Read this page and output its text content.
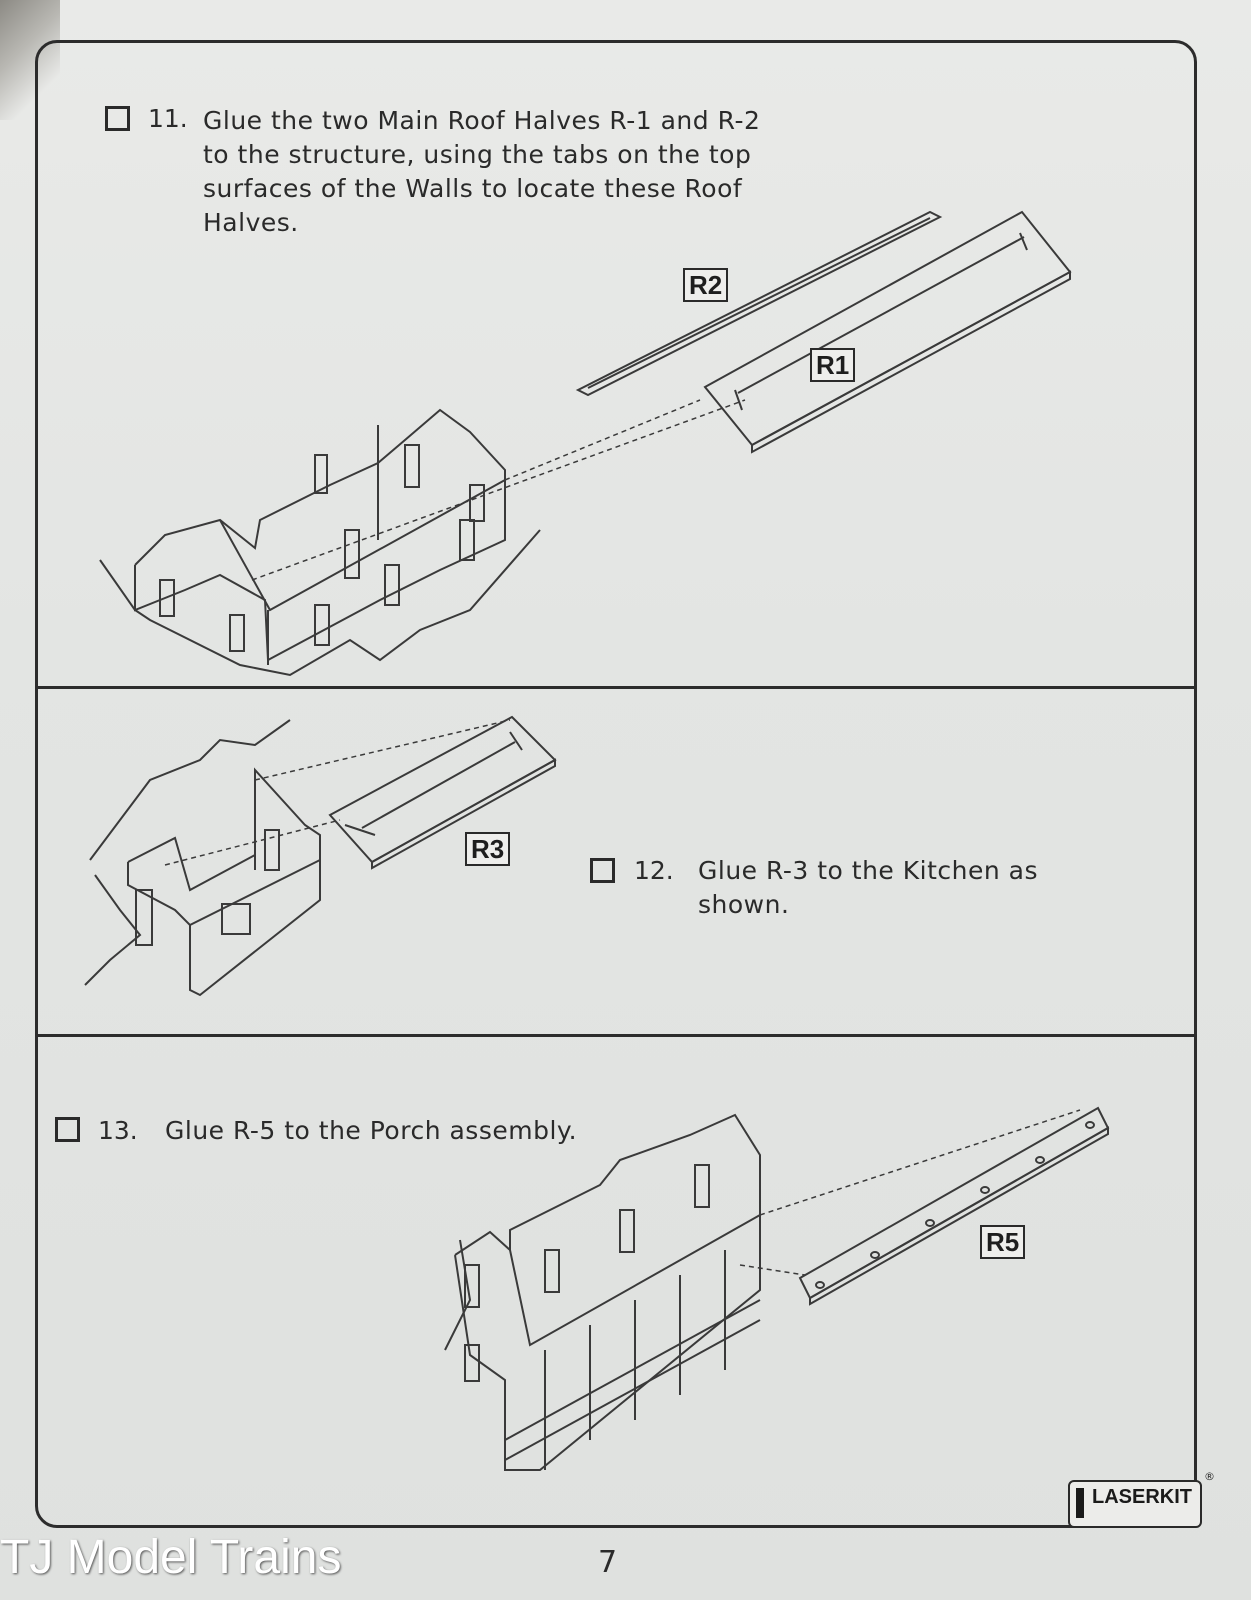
11. Glue the two Main Roof Halves R-1 and R-2
to the structure, using the tabs on the top
surfaces of the Walls to locate these Roof
Halves.
R2
R1
R3
12. Glue R-3 to the Kitchen as
shown.
13. Glue R-5 to the Porch assembly.
R5
LASERKIT
®
7
TJ Model Trains
